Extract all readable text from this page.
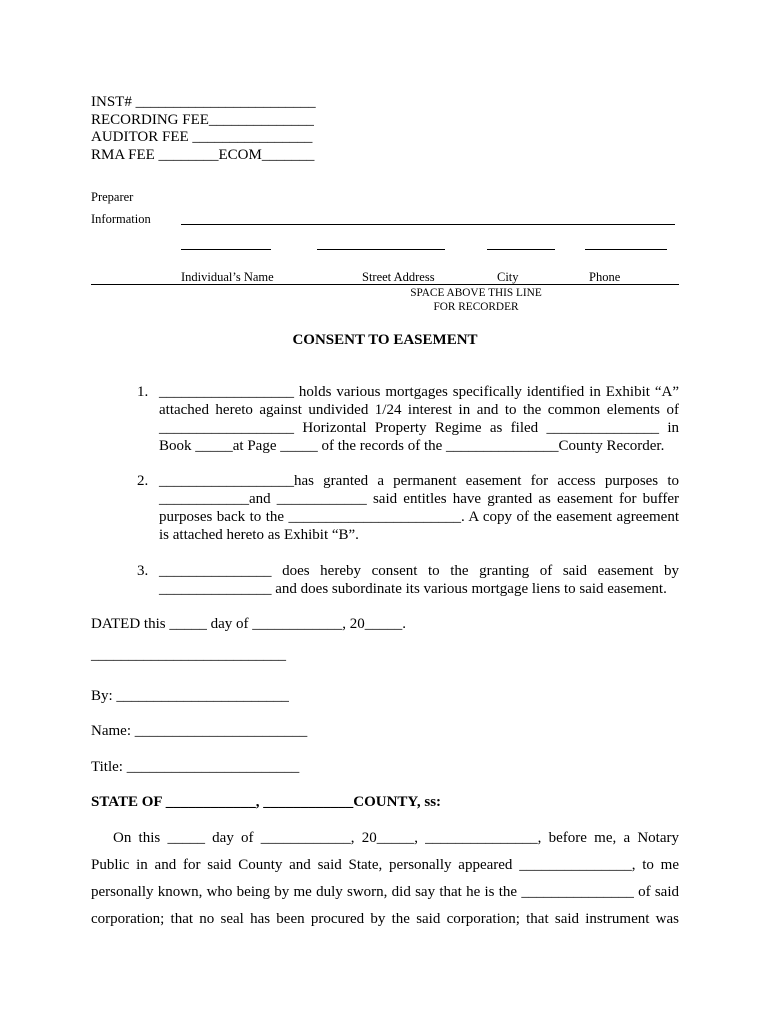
INST# ________________________
RECORDING FEE______________
AUDITOR FEE ________________
RMA FEE ________ECOM_______
Preparer
Information
Individual’s Name	Street Address	City	Phone
SPACE ABOVE THIS LINE
FOR RECORDER
CONSENT TO EASEMENT
1. __________________ holds various mortgages specifically identified in Exhibit “A”
attached hereto against undivided 1/24 interest in and to the common elements of
__________________ Horizontal Property Regime as filed _______________ in
Book _____at Page _____ of the records of the _______________County Recorder.
2. __________________has granted a permanent easement for access purposes to
____________and ____________ said entitles have granted as easement for buffer
purposes back to the _______________________. A copy of the easement agreement
is attached hereto as Exhibit “B”.
3. _______________ does hereby consent to the granting of said easement by
_______________ and does subordinate its various mortgage liens to said easement.
DATED this _____ day of ____________, 20_____.
__________________________
By: _______________________
Name: _______________________
Title: _______________________
STATE OF ____________, ____________COUNTY, ss:
On this _____ day of ____________, 20_____, _______________, before me, a Notary
Public in and for said County and said State, personally appeared _______________, to me
personally known, who being by me duly sworn, did say that he is the _______________ of said
corporation; that no seal has been procured by the said corporation; that said instrument was
